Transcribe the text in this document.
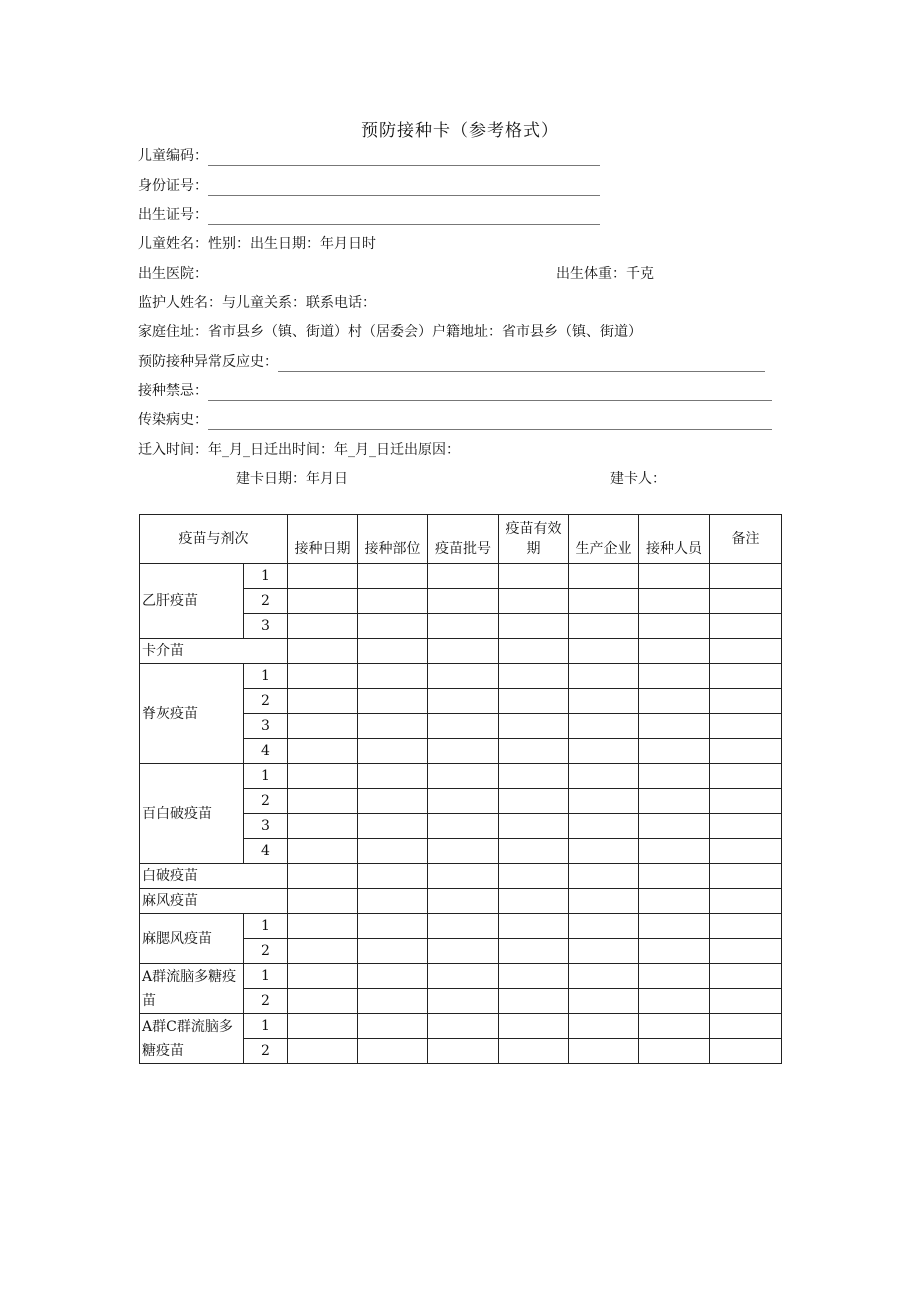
预防接种卡（参考格式）
儿童编码：
身份证号：
出生证号：
儿童姓名：性别：出生日期：年月日时
出生医院：	出生体重：千克
监护人姓名：与儿童关系：联系电话：
家庭住址：省市县乡（镇、街道）村（居委会）户籍地址：省市县乡（镇、街道）
预防接种异常反应史：
接种禁忌：
传染病史：
迁入时间：年_月_日迁出时间：年_月_日迁出原因：
建卡日期：年月日	建卡人：
疫苗与剂次		接种日期	接种部位	疫苗批号	疫苗有效期	生产企业	接种人员	备注
乙肝疫苗	1							
	2							
	3							
卡介苗								
脊灰疫苗	1							
	2							
	3							
	4							
百白破疫苗	1							
	2							
	3							
	4							
白破疫苗								
麻风疫苗								
麻腮风疫苗	1							
	2							
A群流脑多糖疫苗	1							
	2							
A群C群流脑多糖疫苗	1							
	2							
